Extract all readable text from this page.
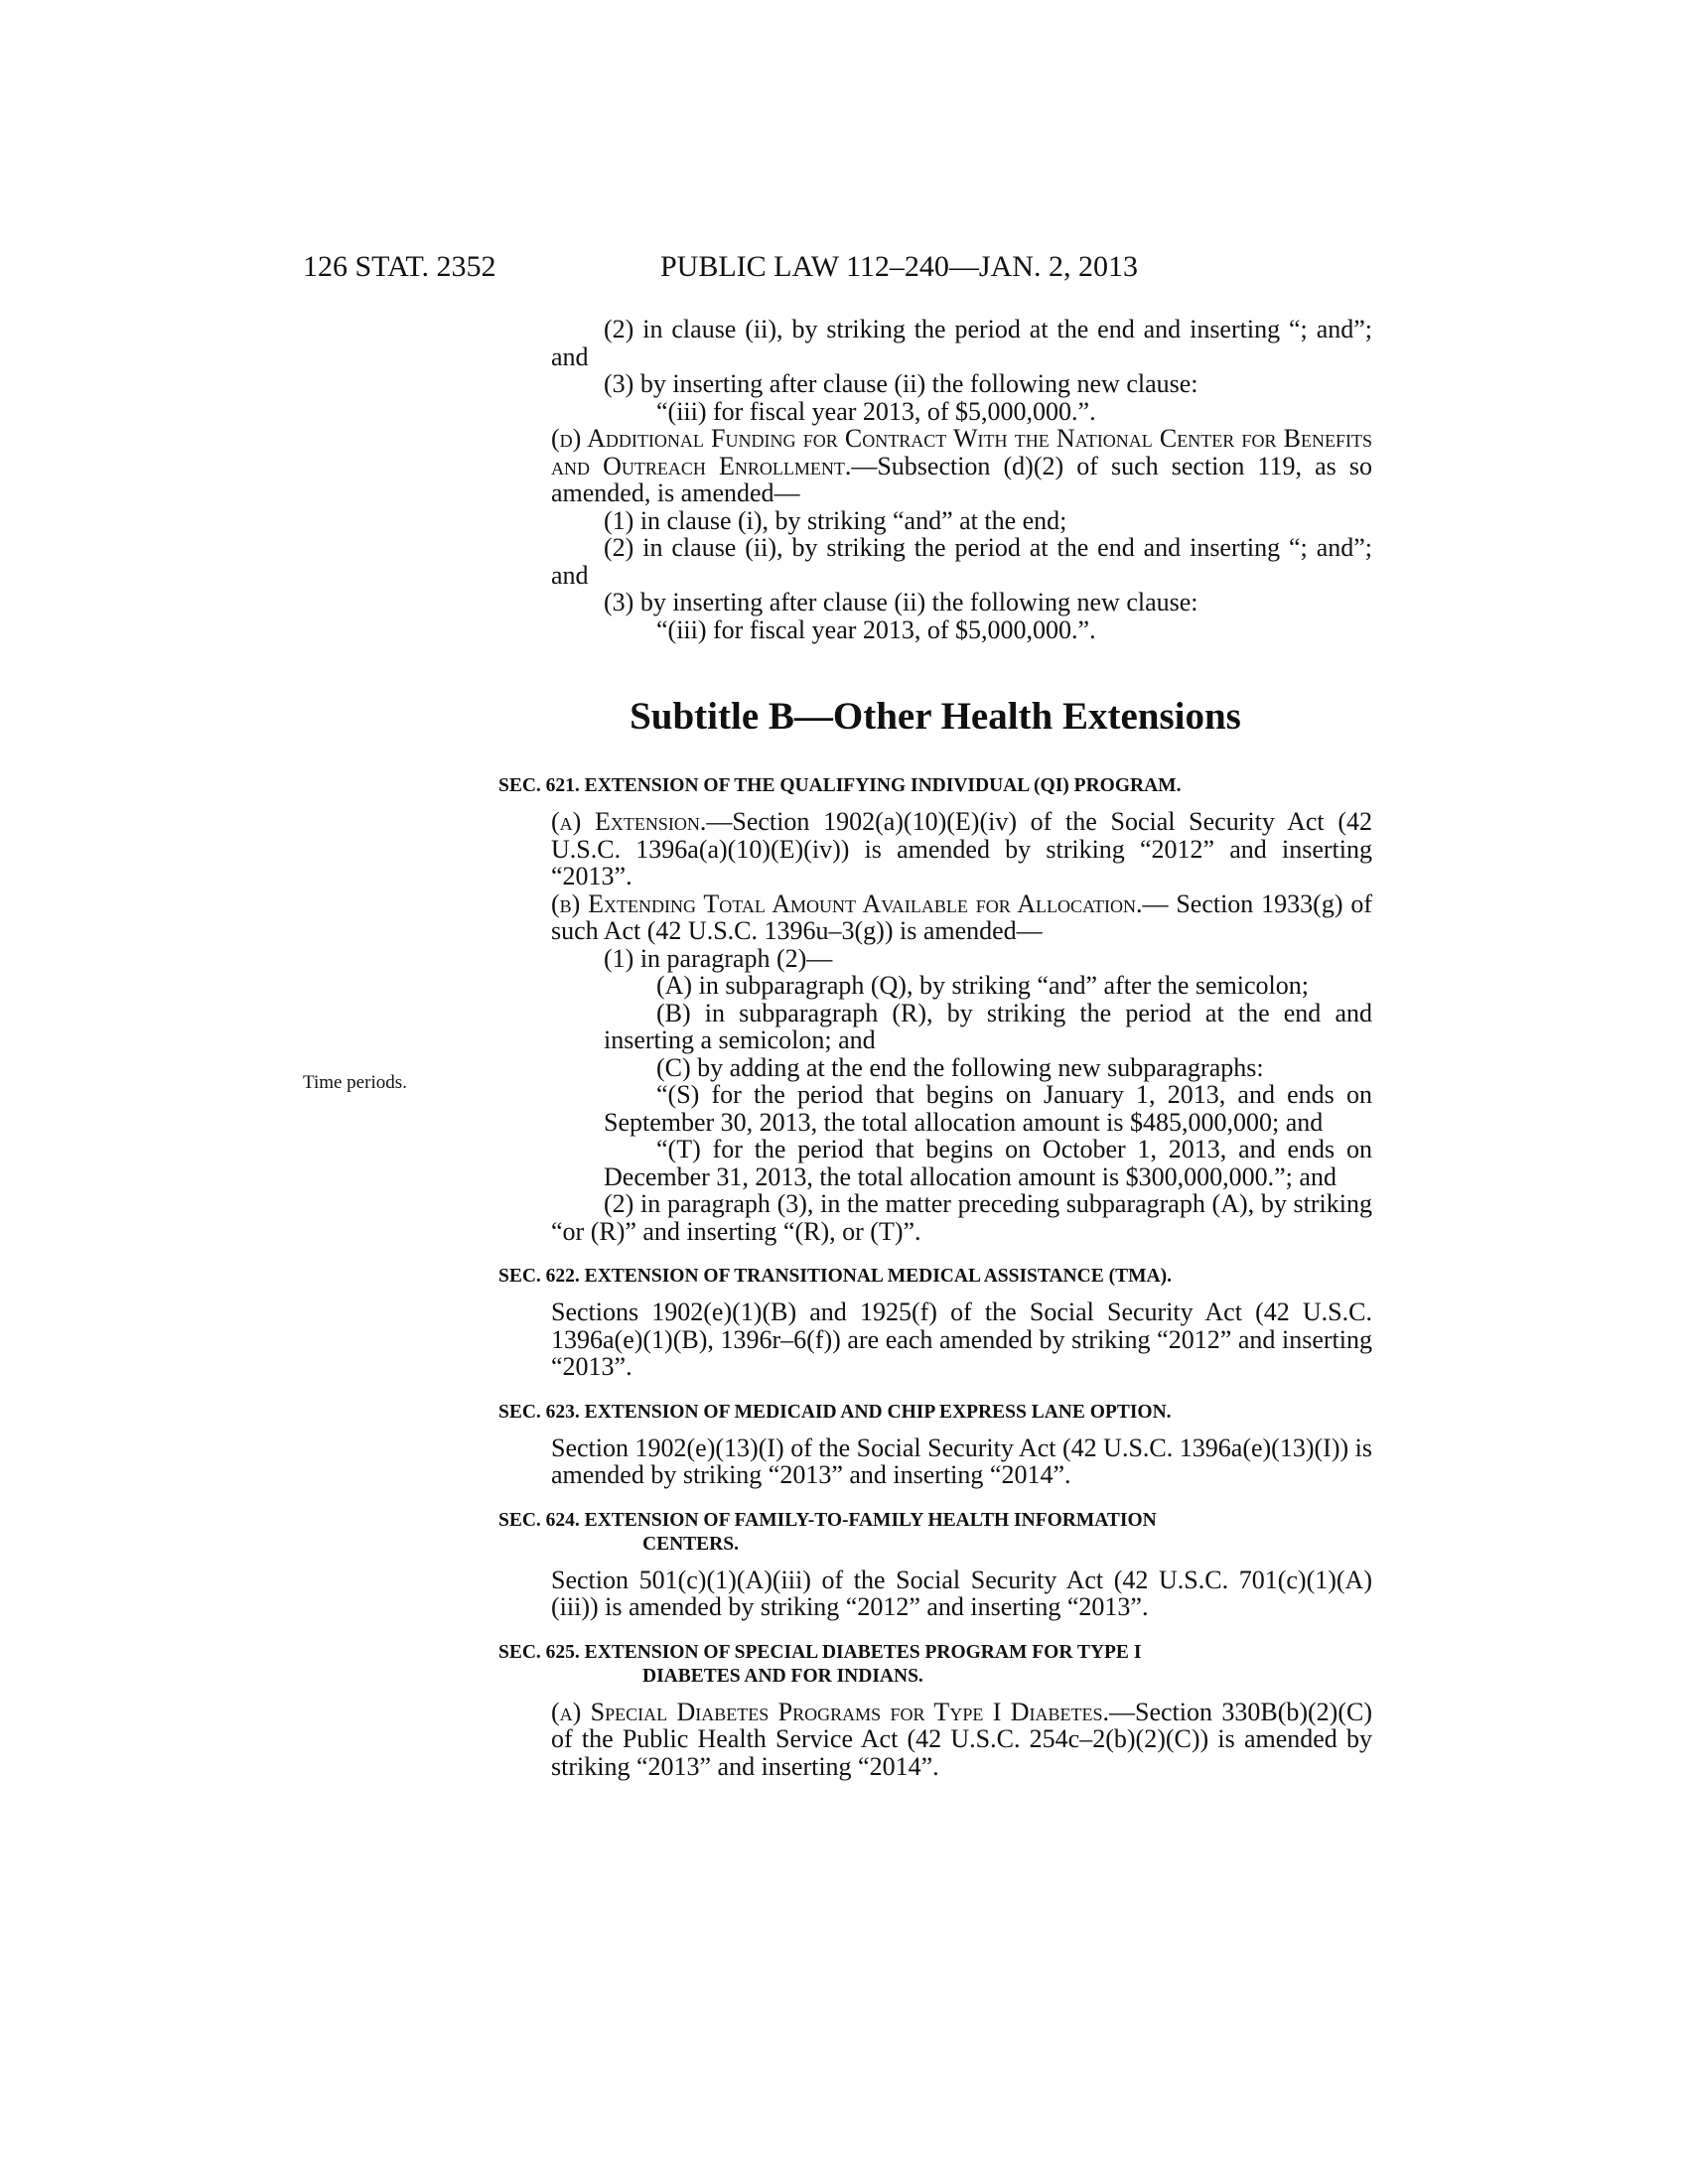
126 STAT. 2352	PUBLIC LAW 112–240—JAN. 2, 2013
Time periods.

(2) in clause (ii), by striking the period at the end and inserting “; and”; and

(3) by inserting after clause (ii) the following new clause:

“(iii) for fiscal year 2013, of $5,000,000.”.

(d) Additional Funding for Contract With the National Center for Benefits and Outreach Enrollment.—Subsection (d)(2) of such section 119, as so amended, is amended—

(1) in clause (i), by striking “and” at the end;

(2) in clause (ii), by striking the period at the end and inserting “; and”; and

(3) by inserting after clause (ii) the following new clause:

“(iii) for fiscal year 2013, of $5,000,000.”.

Subtitle B—Other Health Extensions
SEC. 621. EXTENSION OF THE QUALIFYING INDIVIDUAL (QI) PROGRAM.

(a) Extension.—Section 1902(a)(10)(E)(iv) of the Social Security Act (42 U.S.C. 1396a(a)(10)(E)(iv)) is amended by striking “2012” and inserting “2013”.

(b) Extending Total Amount Available for Allocation.— Section 1933(g) of such Act (42 U.S.C. 1396u–3(g)) is amended—

(1) in paragraph (2)—

(A) in subparagraph (Q), by striking “and” after the semicolon;

(B) in subparagraph (R), by striking the period at the end and inserting a semicolon; and

(C) by adding at the end the following new subparagraphs:

“(S) for the period that begins on January 1, 2013, and ends on September 30, 2013, the total allocation amount is $485,000,000; and

“(T) for the period that begins on October 1, 2013, and ends on December 31, 2013, the total allocation amount is $300,000,000.”; and

(2) in paragraph (3), in the matter preceding subparagraph (A), by striking “or (R)” and inserting “(R), or (T)”.

SEC. 622. EXTENSION OF TRANSITIONAL MEDICAL ASSISTANCE (TMA).

Sections 1902(e)(1)(B) and 1925(f) of the Social Security Act (42 U.S.C. 1396a(e)(1)(B), 1396r–6(f)) are each amended by striking “2012” and inserting “2013”.

SEC. 623. EXTENSION OF MEDICAID AND CHIP EXPRESS LANE OPTION.

Section 1902(e)(13)(I) of the Social Security Act (42 U.S.C. 1396a(e)(13)(I)) is amended by striking “2013” and inserting “2014”.

SEC. 624. EXTENSION OF FAMILY-TO-FAMILY HEALTH INFORMATION
CENTERS.

Section 501(c)(1)(A)(iii) of the Social Security Act (42 U.S.C. 701(c)(1)(A)(iii)) is amended by striking “2012” and inserting “2013”.

SEC. 625. EXTENSION OF SPECIAL DIABETES PROGRAM FOR TYPE I
DIABETES AND FOR INDIANS.

(a) Special Diabetes Programs for Type I Diabetes.—Section 330B(b)(2)(C) of the Public Health Service Act (42 U.S.C. 254c–2(b)(2)(C)) is amended by striking “2013” and inserting “2014”.
